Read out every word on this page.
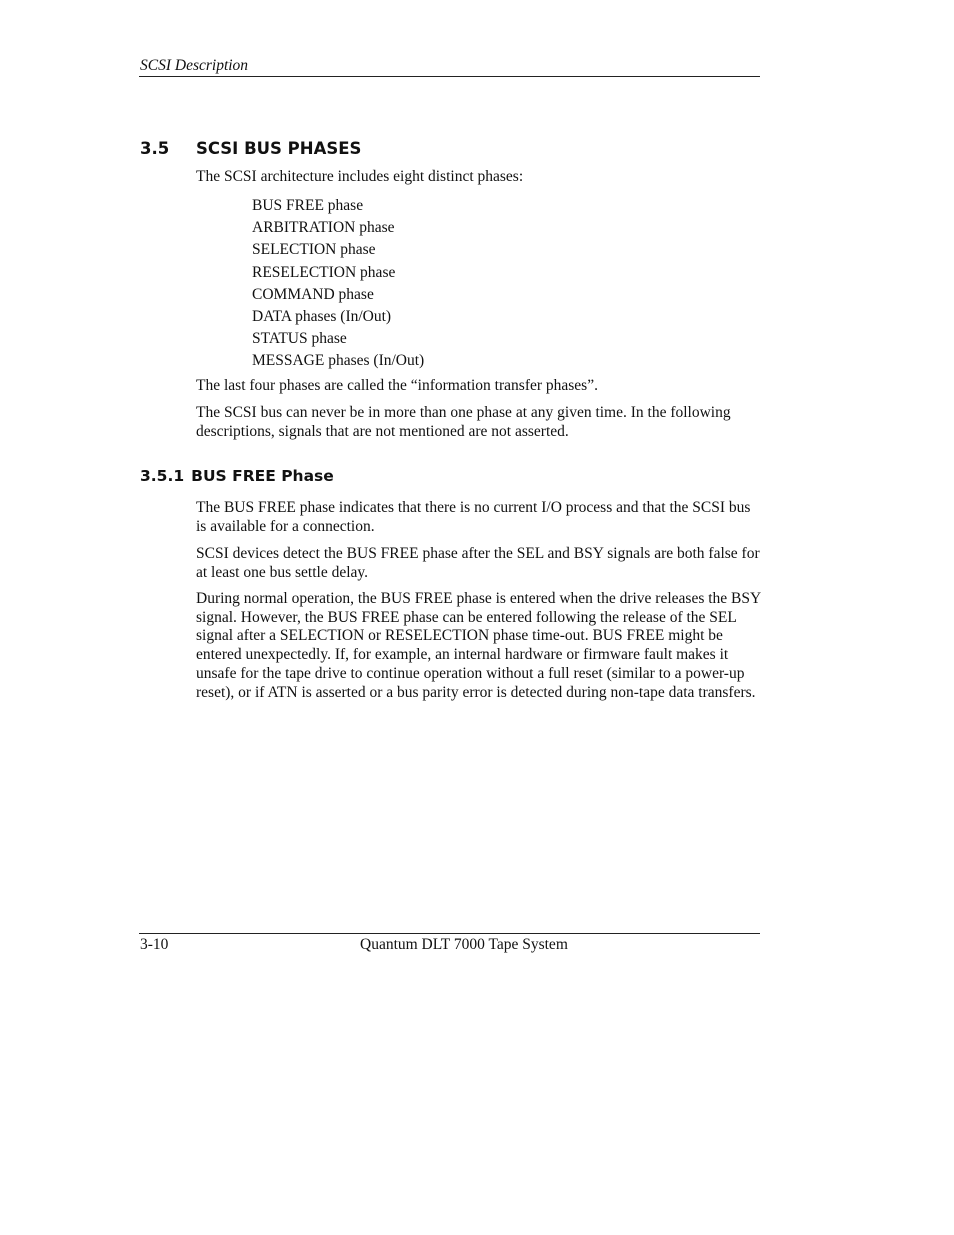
SCSI Description
3.5 SCSI BUS PHASES

The SCSI architecture includes eight distinct phases:

BUS FREE phase
ARBITRATION phase
SELECTION phase
RESELECTION phase
COMMAND phase
DATA phases (In/Out)
STATUS phase
MESSAGE phases (In/Out)

The last four phases are called the “information transfer phases”.

The SCSI bus can never be in more than one phase at any given time. In the following descriptions, signals that are not mentioned are not asserted.

3.5.1 BUS FREE Phase

The BUS FREE phase indicates that there is no current I/O process and that the SCSI bus is available for a connection.

SCSI devices detect the BUS FREE phase after the SEL and BSY signals are both false for at least one bus settle delay.

During normal operation, the BUS FREE phase is entered when the drive releases the BSY signal. However, the BUS FREE phase can be entered following the release of the SEL signal after a SELECTION or RESELECTION phase time-out. BUS FREE might be entered unexpectedly. If, for example, an internal hardware or firmware fault makes it unsafe for the tape drive to continue operation without a full reset (similar to a power-up reset), or if ATN is asserted or a bus parity error is detected during non-tape data transfers.

3-10	Quantum DLT 7000 Tape System
